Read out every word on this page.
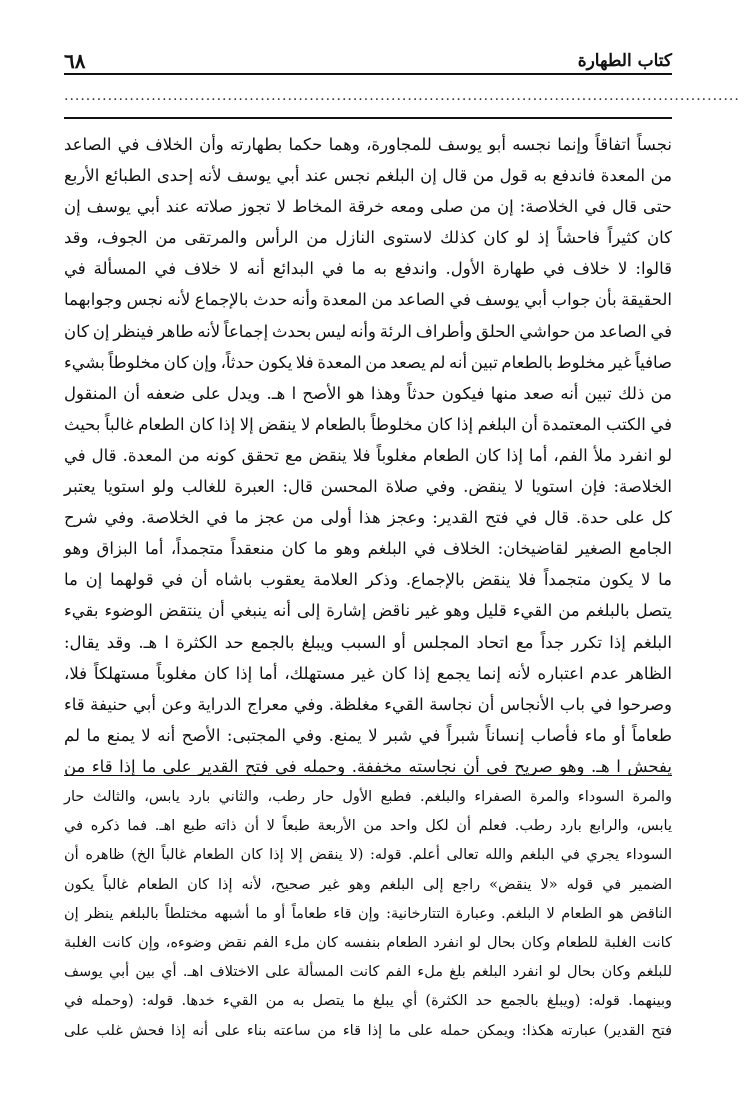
كتاب الطهارة
٦٨
............................................................................................................................
نجساً اتفاقاً وإنما نجسه أبو يوسف للمجاورة، وهما حكما بطهارته وأن الخلاف في الصاعد
من المعدة فاندفع به قول من قال إن البلغم نجس عند أبي يوسف لأنه إحدى الطبائع الأربع
حتى قال في الخلاصة: إن من صلى ومعه خرقة المخاط لا تجوز صلاته عند أبي يوسف إن
كان كثيراً فاحشاً إذ لو كان كذلك لاستوى النازل من الرأس والمرتقى من الجوف، وقد
قالوا: لا خلاف في طهارة الأول. واندفع به ما في البدائع أنه لا خلاف في المسألة في
الحقيقة بأن جواب أبي يوسف في الصاعد من المعدة وأنه حدث بالإجماع لأنه نجس وجوابهما
في الصاعد من حواشي الحلق وأطراف الرئة وأنه ليس بحدث إجماعاً لأنه طاهر فينظر إن كان
صافياً غير مخلوط بالطعام تبين أنه لم يصعد من المعدة فلا يكون حدثاً، وإن كان مخلوطاً بشيء
من ذلك تبين أنه صعد منها فيكون حدثاً وهذا هو الأصح ا هـ. ويدل على ضعفه أن المنقول
في الكتب المعتمدة أن البلغم إذا كان مخلوطاً بالطعام لا ينقض إلا إذا كان الطعام غالباً بحيث
لو انفرد ملأ الفم، أما إذا كان الطعام مغلوباً فلا ينقض مع تحقق كونه من المعدة. قال في
الخلاصة: فإن استويا لا ينقض. وفي صلاة المحسن قال: العبرة للغالب ولو استويا يعتبر
كل على حدة. قال في فتح القدير: وعجز هذا أولى من عجز ما في الخلاصة. وفي شرح
الجامع الصغير لقاضيخان: الخلاف في البلغم وهو ما كان منعقداً متجمداً، أما البزاق وهو
ما لا يكون متجمداً فلا ينقض بالإجماع. وذكر العلامة يعقوب باشاه أن في قولهما إن ما
يتصل بالبلغم من القيء قليل وهو غير ناقض إشارة إلى أنه ينبغي أن ينتقض الوضوء بقيء
البلغم إذا تكرر جداً مع اتحاد المجلس أو السبب ويبلغ بالجمع حد الكثرة ا هـ. وقد يقال:
الظاهر عدم اعتباره لأنه إنما يجمع إذا كان غير مستهلك، أما إذا كان مغلوباً مستهلكاً فلا،
وصرحوا في باب الأنجاس أن نجاسة القيء مغلظة. وفي معراج الدراية وعن أبي حنيفة قاء
طعاماً أو ماء فأصاب إنساناً شبراً في شبر لا يمنع. وفي المجتبى: الأصح أنه لا يمنع ما لم
يفحش ا هـ. وهو صريح في أن نجاسته مخففة. وحمله في فتح القدير على ما إذا قاء من
والمرة السوداء والمرة الصفراء والبلغم. فطبع الأول حار رطب، والثاني بارد يابس، والثالث حار
يابس، والرابع بارد رطب. فعلم أن لكل واحد من الأربعة طبعاً لا أن ذاته طبع اهـ. فما ذكره في
السوداء يجري في البلغم والله تعالى أعلم. قوله: (لا ينقض إلا إذا كان الطعام غالباً الخ) ظاهره أن
الضمير في قوله «لا ينقض» راجع إلى البلغم وهو غير صحيح، لأنه إذا كان الطعام غالباً يكون
الناقض هو الطعام لا البلغم. وعبارة التتارخانية: وإن قاء طعاماً أو ما أشبهه مختلطاً بالبلغم ينظر إن
كانت الغلبة للطعام وكان بحال لو انفرد الطعام بنفسه كان ملء الفم نقض وضوءه، وإن كانت الغلبة
للبلغم وكان بحال لو انفرد البلغم بلغ ملء الفم كانت المسألة على الاختلاف اهـ. أي بين أبي يوسف
وبينهما. قوله: (ويبلغ بالجمع حد الكثرة) أي يبلغ ما يتصل به من القيء خدها. قوله: (وحمله في
فتح القدير) عبارته هكذا: ويمكن حمله على ما إذا قاء من ساعته بناء على أنه إذا فحش غلب على
